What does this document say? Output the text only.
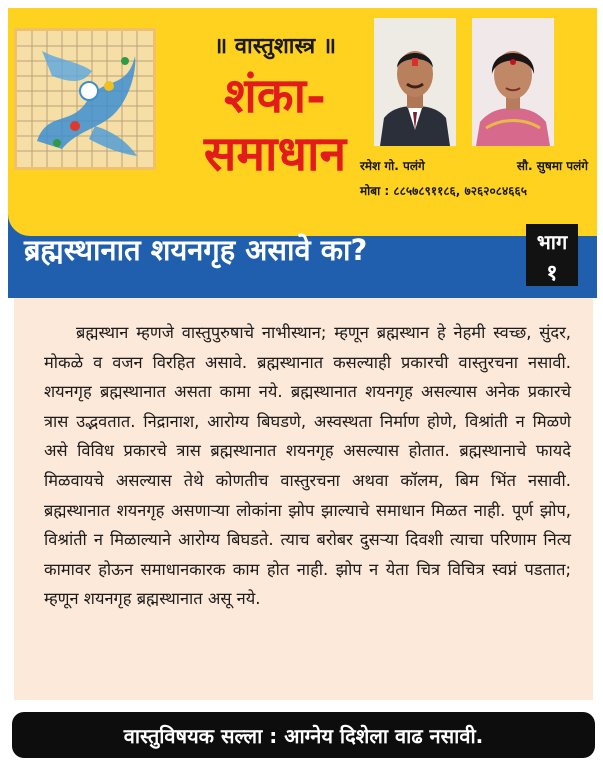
॥ वास्तुशास्त्र ॥
शंका-
समाधान	रमेश गो. पलंगे	सौ. सुषमा पलंगे
मोबा : ८८५७८९११८६, ७२६२०८४६६५
ब्रह्मस्थानात शयनगृह असावे का?	भाग
१

ब्रह्मस्थान म्हणजे वास्तुपुरुषाचे नाभीस्थान; म्हणून ब्रह्मस्थान हे नेहमी स्वच्छ, सुंदर, मोकळे व वजन विरहित असावे. ब्रह्मस्थानात कसल्याही प्रकारची वास्तुरचना नसावी. शयनगृह ब्रह्मस्थानात असता कामा नये. ब्रह्मस्थानात शयनगृह असल्यास अनेक प्रकारचे त्रास उद्भवतात. निद्रानाश, आरोग्य बिघडणे, अस्वस्थता निर्माण होणे, विश्रांती न मिळणे असे विविध प्रकारचे त्रास ब्रह्मस्थानात शयनगृह असल्यास होतात. ब्रह्मस्थानाचे फायदे मिळवायचे असल्यास तेथे कोणतीच वास्तुरचना अथवा कॉलम, बिम भिंत नसावी. ब्रह्मस्थानात शयनगृह असणाऱ्या लोकांना झोप झाल्याचे समाधान मिळत नाही. पूर्ण झोप, विश्रांती न मिळाल्याने आरोग्य बिघडते. त्याच बरोबर दुसऱ्या दिवशी त्याचा परिणाम नित्य कामावर होऊन समाधानकारक काम होत नाही. झोप न येता चित्र विचित्र स्वप्नं पडतात; म्हणून शयनगृह ब्रह्मस्थानात असू नये.

वास्तुविषयक सल्ला : आग्नेय दिशेला वाढ नसावी.
